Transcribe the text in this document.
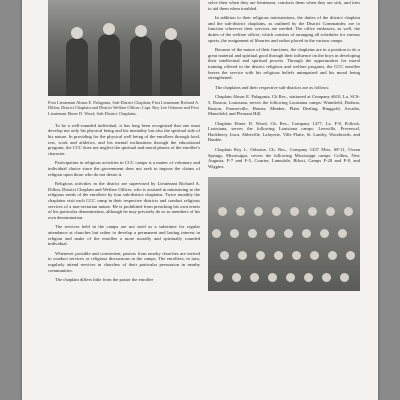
First Lieutenant Almas E. Palagonia, Sub-District Chaplain; First Lieutenant Richard A. Dillon, District Chaplain and District Welfare Officer; Capt. Roy Lee Osborne and First Lieutenant Elmer D. Wood, Sub-District Chaplains.

To be a well-rounded individual, it has long been recognized that one must develop not only his physical being and his mentality but also the spiritual side of his nature. In providing for the physical well being of the enrollees through food, rest, work and athletics, and his mental inclinations through the educational program, the CCC does not neglect the spiritual and moral phases of the enrollee's character.

Participation in religious activities in CCC camps is a matter of voluntary and individual choice since the government does not seek to impose the claims of religion upon those who do not desire it.

Religious activities in the district are supervised by Lieutenant Richard A. Dillon, District Chaplain and Welfare Officer, who is assisted in ministering to the religious needs of the enrollees by four sub-district chaplains. Twice monthly the chaplains visit each CCC camp in their respective districts and conduct religious services of a non-sectarian nature. He is prohibited from preaching his own tenets of his particular denomination, although he may privately do so to members of his own denomination.

The services held in the camps are not used as a substitute for regular attendance at churches but rather to develop a permanent and lasting interest in religion and make of the enrollee a more morally and spiritually rounded individual.

Whenever possible and convenient, pastors from nearby churches are invited to conduct services or religious discussions in the camps. The enrollees, in turn, regularly attend services in churches of their particular persuasion in nearby communities.

The chaplain differs little from the pastor the enrollee

solve their when they are lieutenant, comforts them when they are sick, and tries to aid them when troubled.

In addition to their religious ministrations, the duties of the district chaplain and the sub-district chaplains, as outlined by the District Commander, are to function wherever their services are needed. The office embraces, as well, the duties of the welfare officer, which consists of arranging all schedules for various sports, the assignment of libraries and radios placed in the various camps.

Because of the nature of their functions, the chaplains are in a position to do a great material and spiritual good through their influence on the boys in developing their intellectual and spiritual powers. Through the opportunities for moral training offered in the district religious and welfare program, the CCC enrollee leaves the service with his religious beliefs unimpaired and his moral being strengthened.

The chaplains and their respective sub-districts are as follows:

Chaplain Almas E. Palagonia, Ch Res., stationed at Company #610, La. SCS-5, Ruston, Louisiana, serves the following Louisiana camps: Winnfield, Dodson, Ruston, Farmerville, Homer, Minden, Plain Dealing, Ringgold, Arcadia, Mansfield, and Pleasant Hill.

Chaplain Elmer D. Wood, Ch. Res., Company 1477, La. F-8, Pollock, Louisiana, serves the following Louisiana camps: Leesville, Provencal, Hackberry, Iowa, Abbeville, Lafayette, Ville Platte, St. Landry, Woodworth, and Bunkie.

Chaplain Roy L. Osborne, Ch. Res., Company 1437 Miss. SP-11, Ocean Springs, Mississippi, covers the following Mississippi camps: Collins, New Augusta, F-7 and F-5, Courier, Lumsdale, Biloxi, Camps F-28 and F-8, and Wiggins.
